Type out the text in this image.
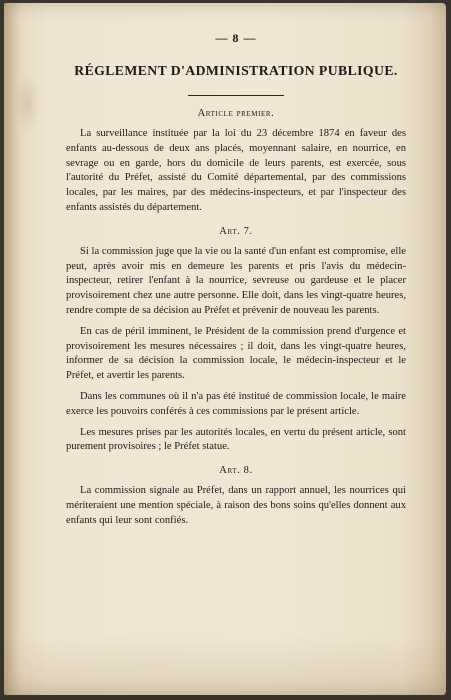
— 8 —
RÉGLEMENT D'ADMINISTRATION PUBLIQUE.
Article premier.

La surveillance instituée par la loi du 23 décembre 1874 en faveur des enfants au-dessous de deux ans placés, moyennant salaire, en nourrice, en sevrage ou en garde, hors du domicile de leurs parents, est exercée, sous l'autorité du Préfet, assisté du Comité départemental, par des commissions locales, par les maires, par des médecins-inspecteurs, et par l'inspecteur des enfants assistés du département.

Art. 7.

Si la commission juge que la vie ou la santé d'un enfant est compromise, elle peut, après avoir mis en demeure les parents et pris l'avis du médecin-inspecteur, retirer l'enfant à la nourrice, sevreuse ou gardeuse et le placer provisoirement chez une autre personne. Elle doit, dans les vingt-quatre heures, rendre compte de sa décision au Préfet et prévenir de nouveau les parents.

En cas de péril imminent, le Président de la commission prend d'urgence et provisoirement les mesures nécessaires ; il doit, dans les vingt-quatre heures, informer de sa décision la commission locale, le médecin-inspecteur et le Préfet, et avertir les parents.

Dans les communes où il n'a pas été institué de commission locale, le maire exerce les pouvoirs conférés à ces commissions par le présent article.

Les mesures prises par les autorités locales, en vertu du présent article, sont purement provisoires ; le Préfet statue.

Art. 8.

La commission signale au Préfet, dans un rapport annuel, les nourrices qui mériteraient une mention spéciale, à raison des bons soins qu'elles donnent aux enfants qui leur sont confiés.
